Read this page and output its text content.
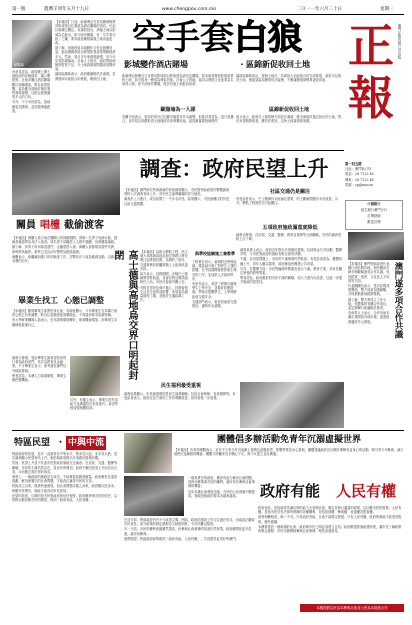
第一版	農曆辛卯年五月十九日	www.chengpou.com.mo	二０一一年六月二十日	星期一
正
報
澳門正報有限公司出版

第一四五期

社址：澳門新口岸

電話：28 7123 45

傳真：28 7123 46

電郵：cp@macau

中國銀行
恆生銀行澳門分行
訂閱熱線
歡迎訂閱
歐陽瑜

【本報訊】日前，新濠博亞在其官網發佈將其影城項目位置改為酒店賭場的消息，引起社會廣泛關注。有議員指出，該幅土地以影城為名批出，如今改作賭場，有「空手套白狼」之嫌，要求政府嚴格審視土地用途更改。

據了解，該地段原本規劃作文化及娛樂用途，批給期間承諾以發展影視產業帶動經濟多元。然而，項目多年來進展緩慢，至今未見有影城落成。社會人士批評，政府對批地後的監管不足，令土地資源被閒置或改變用途。

議員區錦新表示，政府應嚴格依法處理，若發展商未能按合約發展，應收回土地。

有意見認為，政府應公開土地批給的詳細資料，讓公眾監察。社會亦關注酒店賭場數目持續增加，對社區的影響。當局應全面檢討博彩業的發展規模，以配合經濟適度多元的方向。

另外，不少市民認為，批地應更加透明，並加強事後跟進。

空手套 白狼
影城變作酒店賭場	・ 區錦新促收回土地

新濠博亞娛樂近日宣佈其影城項目將改建為酒店及賭場，原本承諾發展影視產業的土地，如今搖身一變成為博彩設施。社會人士質疑，當初以發展文化產業為名取得土地，如今卻改作賭場，做法有違土地批給原意。

議員區錦新指出，按照土地法，若承批人未能按合約完成發展，政府可以收回土地。他促請當局嚴格依法處理，不應讓發展商輕易更改用途。

歐陽瑜為一人謀	區錦新促收回土地

有關方面表示，項目的設計已因應市場需求作出調整。但批評者認為，這只是藉口，目的是以低價取得土地後改作高利潤用途。當局應審視批地條件。

他又表示，政府在土地管理方面存在漏洞，應全面檢討過去批出的土地，對於未按期發展者，應依法收回，以免土地資源被浪費。

調查：政府民望上升

【本報訊】澳門研究學會最新的民意調查顯示，市民對特區政府的整體滿意度較上次調查有所上升，其中民生福利範疇的評分最高。

調查於上月進行，成功訪問了一千多名市民。結果顯示，市民最關注的仍是社區交通問題。

社區交通仍是關注

有受訪者表示，巴士服務仍未能滿足需要，的士難截問題亦未有改善。另外，輕軌工程進度亦引起關注。

五項政府施政滿意度降低

調查亦發現，在房屋、交通、醫療、教育及環保等五個範疇，市民的滿意度較上次下降。

關員 唱檯 截偷渡客

【本報訊】海關人員日前在關閘口岸執勤期間，發現一名男子形跡可疑，經截查後證實為非法入境者。該名男子試圖混入人群中過關，但被關員識破。

據了解，該男子持用偽造證件，企圖蒙混入境。海關人員發現其證件有異，即時將其截停。事件已交由治安警察局跟進處理。

海關表示，會繼續加強口岸的檢查工作，打擊非法入境及偷渡活動，以維護本澳的治安。

畢業生找工 心態已調整

【本報訊】應屆畢業生即將投身社會，有調查顯示，今年畢業生在求職方面的心態已有所調整，較以往更願意從基層做起，不再過份要求高薪厚職。

有大學就業輔導人員表示，近年經濟環境轉好，就業機會增加，但畢業生亦應積極裝備自己。

調查又發現，受訪畢業生最希望投身的行業為政府部門，其次為教育及金融業。不少畢業生表示，會考慮在澳門以外地區發展。

學者認為，本澳人力資源緊張，畢業生應把握機會。

另外，有僱主表示，畢業生的外語能力及溝通技巧有待提升，希望學校加強相關培訓。

高士德與高地烏交界口明起封閉	【本報訊】為配合輕軌工程，高士德大馬路與高地烏街交界路口將於明日起實施封閉，為期約三個月。交通事務局呼籲駕駛人士留意改道安排。

局方表示，封路期間，多條巴士路線將需要改道，並會在附近增設臨時巴士站。市民可留意有關公告。

有附近居民及商戶擔心，封路會對生活及生意造成影響，希望當局盡量縮短工期，並做好交通疏導工作。

與學校協調施工兼教學

工程單位表示，會與附近學校協調，盡量減少施工對學生上課的影響。在考試期間會暫停產生噪音的工序，並加派人手維持秩序。

有家長表示，希望工程單位確保學生上學安全，並做好防塵措施。學校亦提醒學生，上學時應留意交通安全。

交通部門表示，會密切留意交通情況，適時作出調整。

調查負責人表示，政府近年推出多項惠民措施，包括現金分享計劃、醫療券等，令市民對政府的施政有較正面的評價。

不過，在房屋問題上，市民的不滿情緒仍然較高。有受訪者認為，樓價持續上升，青年人難以置業，政府應加快興建公共房屋。

另外，在醫療方面，市民對輪候時間過長表示不滿。教育方面，有家長關注學校的教學質素。

學者認為，政府應針對市民不滿的範疇，加大力度作出改善，以進一步提升施政的認受性。

民生福利最受重視

調查結果顯示，市民最重視的是民生福利範疇，包括社會保障、長者服務等。有受訪者表示，政府在這方面的工作有明顯改善，但仍需進一步加強。

澳門遂多項合作共識

【本報訊】澳門特區政府代表團日前訪問內地，與有關省市就多個範疇達成合作共識，包括經貿、旅遊、文化及人才培訓等方面。

代表團團長表示，是次訪問成果豐碩，雙方同意加強聯繫，共同推動區域經濟發展。

據了解，雙方將成立工作小組，具體落實有關合作項目，並定期舉行會議檢討進度。

有商界人士表示，合作有助本澳企業開拓內地市場，促進經濟適度多元發展。

團體倡多辦活動免青年沉溺虛擬世界

【本報訊】有青年團體表示，近年不少青少年沉迷網上遊戲及虛擬世界，影響學業及身心發展。團體建議政府及社團多舉辦有益身心的活動，吸引青少年參與，減少他們沉迷網絡的機會。團體又呼籲家長多關心子女，與子女建立良好溝通。

特區民望 ・ 中與中流

特區政府的民望，近年一直維持在中等水平，既未見大起，亦未見大跌。是次調查顯示民望有所上升，相信與政府推出多項惠民措施有關。

然而，民望上升並不代表市民對政府施政完全滿意。在房屋、交通、醫療等範疇，市民的不滿仍然存在，甚至有所增加。政府不應因民望上升而沾沾自喜，反而應正視市民的訴求。

事實上，一個政府的施政是否成功，不能單靠派錢來衡量。政府應有長遠的規劃，解決深層次的社會問題，才能真正贏得市民的支持。

特區成立以來，經濟快速發展，但社會問題亦隨之而來。政府應以民為本，聆聽市民聲音，施政才能得到市民認同。

民望的高低，反映的是市民對政府的信任程度。政府應珍惜市民的信任，以實際行動回應市民的期望，做到「政府有能，人民有權」。

一個負責任的政府，應該有能力解決社會問題，同時亦應尊重市民的權利，讓市民有參與社會事務的機會。

近年本澳社會發展迅速，市民的公民意識不斷提高，對政府施政的要求亦越來越高。	政府有能 人民有權

政府有能，是指政府具備足夠的能力去管理社會，制定及執行適當的政策，以回應市民的需要。人民有權，是指市民享有法律所保障的各種權利，包括知情權、參與權、表達權及監督權。

兩者相輔相成，缺一不可。只有政府有能，社會才能穩定發展；只有人民有權，政府的施政才能受到監督，避免濫權。

本澳要建設一個和諧的社會，政府與市民之間必須建立互信。政府應提高施政透明度，讓市民了解政策的制定過程；市民亦應積極參與社會事務，理性表達意見。

在這方面，特區政府仍有不少改善空間。例如，政府的諮詢工作往往流於形式，未能真正聽取市民意見；部分政策的制定過程亦欠缺透明度，令市民難以監督。

另一方面，市民的權利意識雖然提高，但參與社會事務的渠道仍然有限。政府應開拓更多渠道，讓市民參與。

我們期望，特區政府能夠做到「政府有能，人民有權」，共同建設更美好的澳門。

本報提倡以民為本參與社會及公民為本促進合作
